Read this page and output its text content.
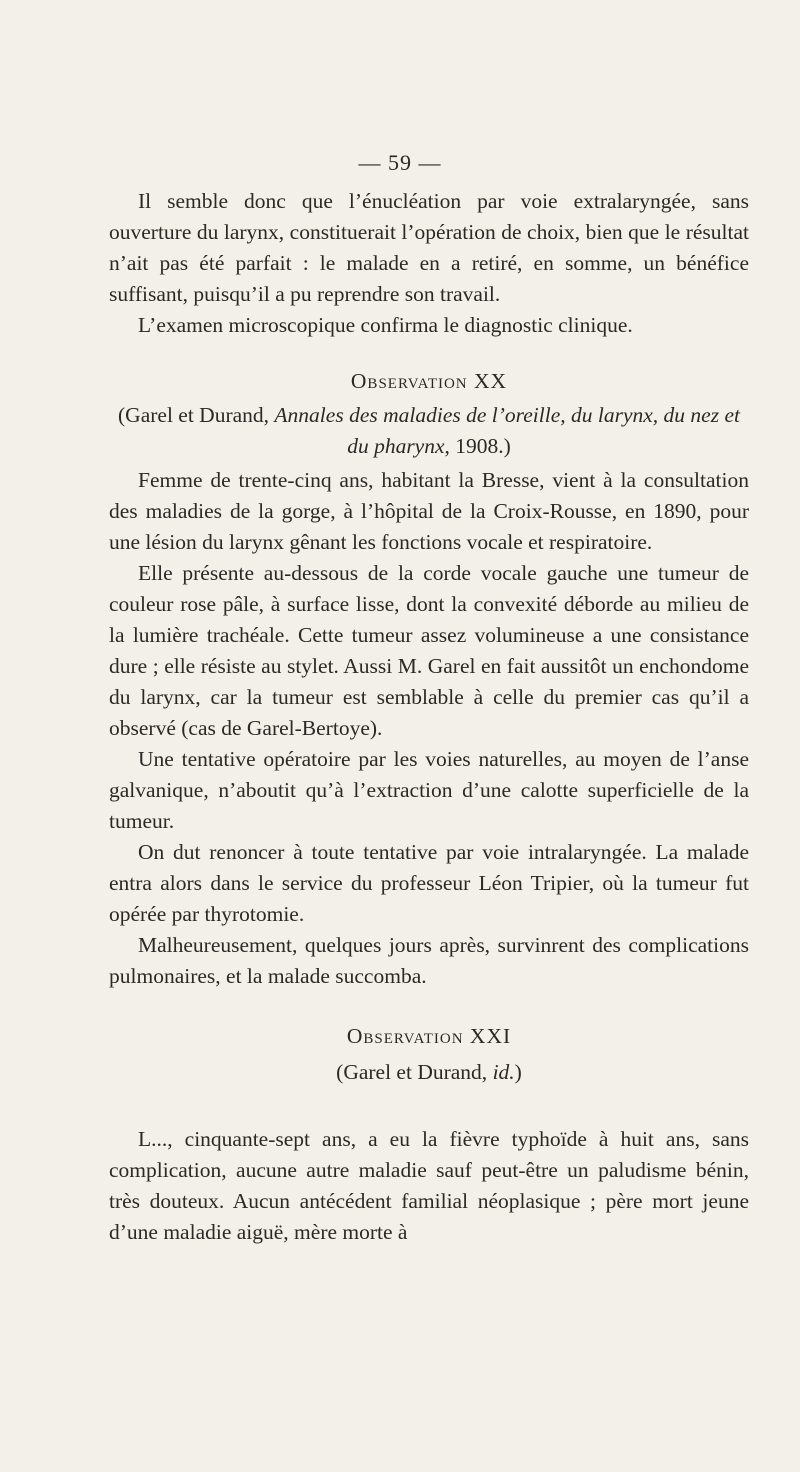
— 59 —

Il semble donc que l’énucléation par voie extralaryngée, sans ouverture du larynx, constituerait l’opération de choix, bien que le résultat n’ait pas été parfait : le malade en a retiré, en somme, un bénéfice suffisant, puisqu’il a pu reprendre son travail.

L’examen microscopique confirma le diagnostic clinique.

Observation XX
(Garel et Durand, Annales des maladies de l’oreille, du larynx, du nez et du pharynx, 1908.)

Femme de trente-cinq ans, habitant la Bresse, vient à la consultation des maladies de la gorge, à l’hôpital de la Croix-Rousse, en 1890, pour une lésion du larynx gênant les fonctions vocale et respiratoire.

Elle présente au-dessous de la corde vocale gauche une tumeur de couleur rose pâle, à surface lisse, dont la convexité déborde au milieu de la lumière trachéale. Cette tumeur assez volumineuse a une consistance dure ; elle résiste au stylet. Aussi M. Garel en fait aussitôt un enchondome du larynx, car la tumeur est semblable à celle du premier cas qu’il a observé (cas de Garel-Bertoye).

Une tentative opératoire par les voies naturelles, au moyen de l’anse galvanique, n’aboutit qu’à l’extraction d’une calotte superficielle de la tumeur.

On dut renoncer à toute tentative par voie intralaryngée. La malade entra alors dans le service du professeur Léon Tripier, où la tumeur fut opérée par thyrotomie.

Malheureusement, quelques jours après, survinrent des complications pulmonaires, et la malade succomba.

Observation XXI
(Garel et Durand, id.)

L..., cinquante-sept ans, a eu la fièvre typhoïde à huit ans, sans complication, aucune autre maladie sauf peut-être un paludisme bénin, très douteux. Aucun antécédent familial néoplasique ; père mort jeune d’une maladie aiguë, mère morte à
